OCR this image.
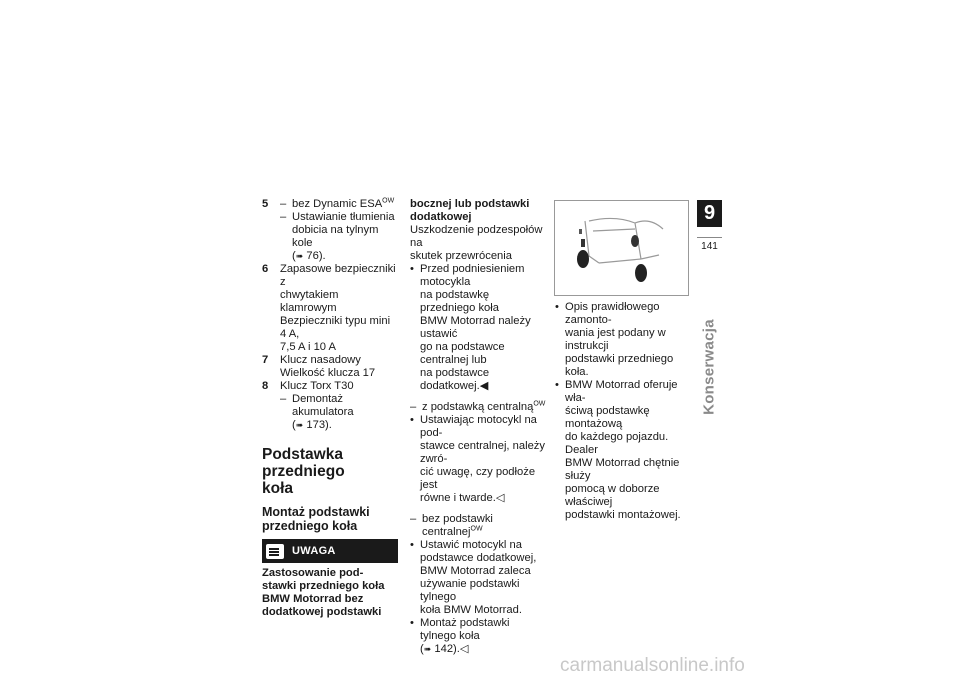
5	– bez Dynamic $ESA^{OW}$
– Ustawianie tłumienia
dobicia na tylnym kole
(➠ 76).
6	Zapasowe bezpieczniki z
chwytakiem klamrowym
Bezpieczniki typu mini 4 A,
7,5 A i 10 A
7	Klucz nasadowy
Wielkość klucza 17
8	Klucz Torx T30
– Demontaż akumulatora
(➠ 173).
Podstawka przedniego
koła
Montaż podstawki
przedniego koła
UWAGA
Zastosowanie pod-
stawki przedniego koła
BMW Motorrad bez
dodatkowej podstawki
bocznej lub podstawki
dodatkowej
Uszkodzenie podzespołów na
skutek przewrócenia
• Przed podniesieniem motocykla
na podstawkę przedniego koła
BMW Motorrad należy ustawić
go na podstawce centralnej lub
na podstawce dodatkowej.◀
– z podstawką centralną$^{OW}$
• Ustawiając motocykl na pod-
stawce centralnej, należy zwró-
cić uwagę, czy podłoże jest
równe i twarde.◁
– bez podstawki centralnej$^{OW}$
• Ustawić motocykl na
podstawce dodatkowej,
BMW Motorrad zaleca
używanie podstawki tylnego
koła BMW Motorrad.
• Montaż podstawki tylnego koła
(➠ 142).◁
• Opis prawidłowego zamonto-
wania jest podany w instrukcji
podstawki przedniego koła.
• BMW Motorrad oferuje wła-
ściwą podstawkę montażową
do każdego pojazdu. Dealer
BMW Motorrad chętnie służy
pomocą w doborze właściwej
podstawki montażowej.
9
141
Konserwacja
carmanualsonline.info
